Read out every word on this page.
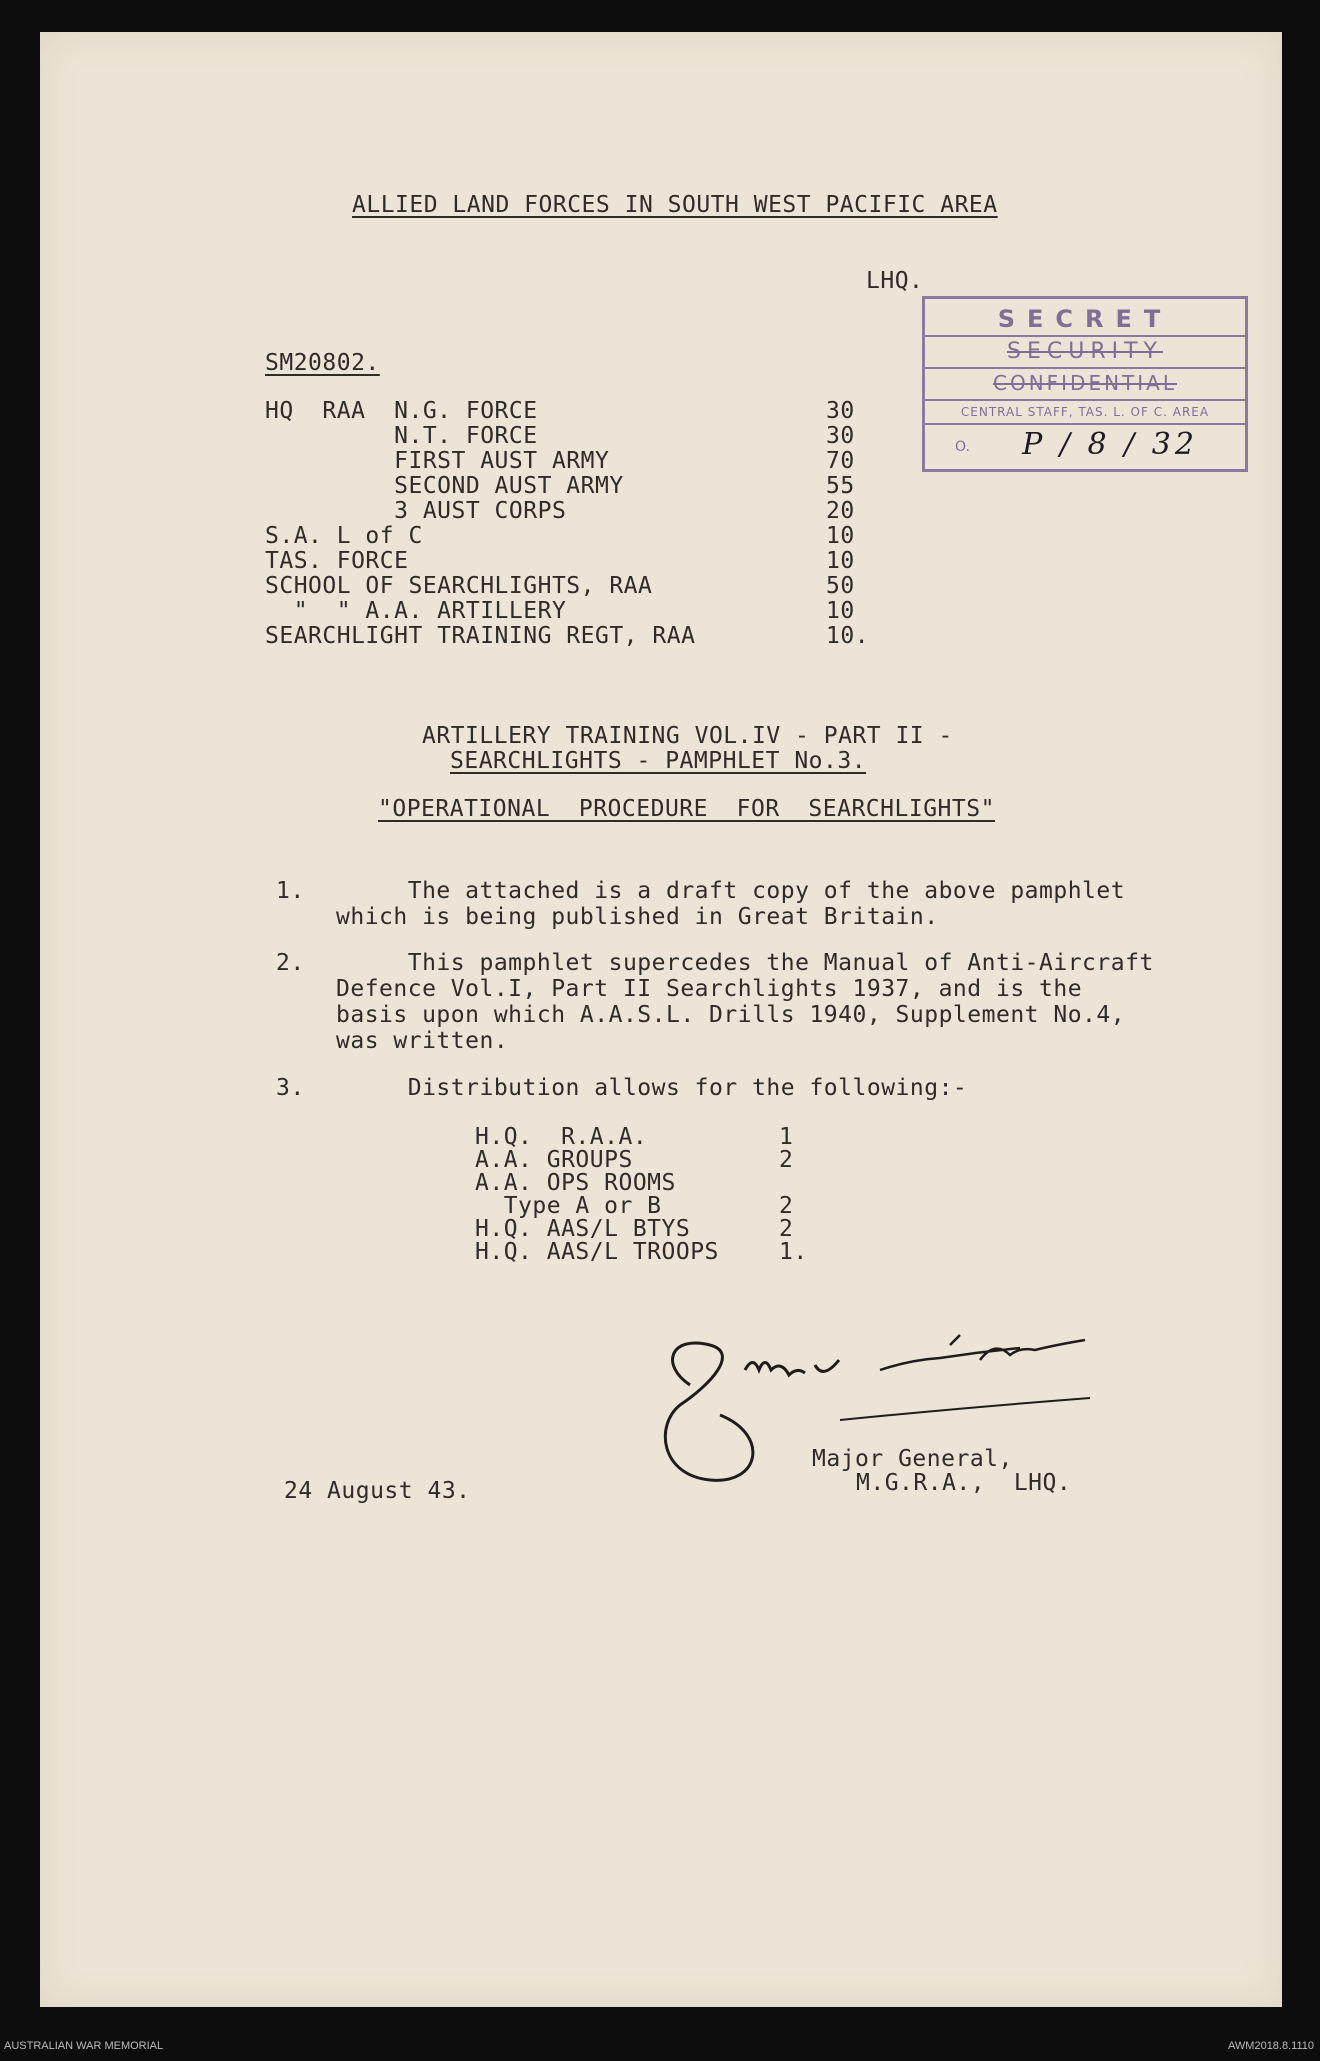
ALLIED LAND FORCES IN SOUTH WEST PACIFIC AREA
LHQ.
SECRET
SECURITY
CONFIDENTIAL
CENTRAL STAFF, TAS. L. OF C. AREA
O.	P / 8 / 32
SM20802.
HQ  RAA  N.G. FORCE	30
N.T. FORCE	30
FIRST AUST ARMY	70
SECOND AUST ARMY	55
3 AUST CORPS	20
S.A. L of C	10
TAS. FORCE	10
SCHOOL OF SEARCHLIGHTS, RAA	50
"  " A.A. ARTILLERY	10
SEARCHLIGHT TRAINING REGT, RAA	10.
ARTILLERY TRAINING VOL.IV - PART II -
SEARCHLIGHTS - PAMPHLET No.3.
"OPERATIONAL  PROCEDURE  FOR  SEARCHLIGHTS"
1. The attached is a draft copy of the above pamphlet
which is being published in Great Britain.
2. This pamphlet supercedes the Manual of Anti-Aircraft
Defence Vol.I, Part II Searchlights 1937, and is the
basis upon which A.A.S.L. Drills 1940, Supplement No.4,
was written.
3. Distribution allows for the following:-
H.Q.  R.A.A.	1
A.A. GROUPS	2
A.A. OPS ROOMS
Type A or B	2
H.Q. AAS/L BTYS	2
H.Q. AAS/L TROOPS	1.
24 August 43.
Major General,
M.G.R.A.,  LHQ.
AUSTRALIAN WAR MEMORIAL	AWM2018.8.1110
